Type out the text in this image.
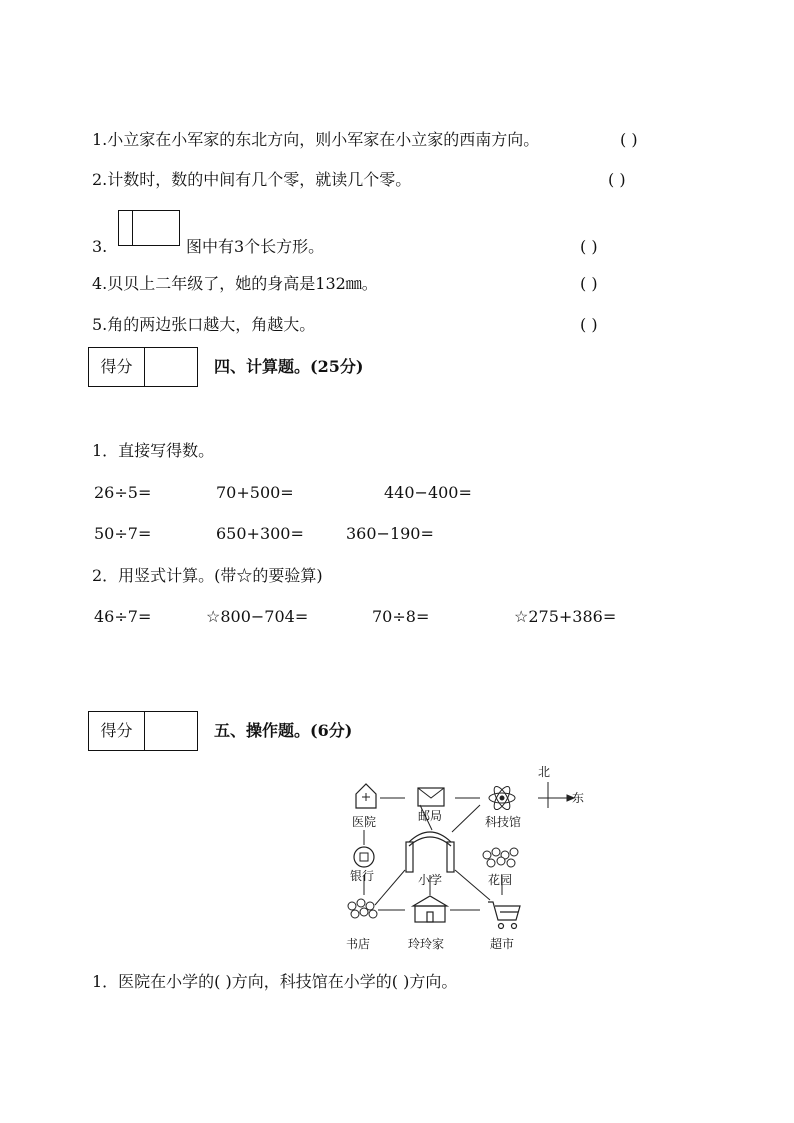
1.小立家在小军家的东北方向，则小军家在小立家的西南方向。	( )
2.计数时，数的中间有几个零，就读几个零。	( )
3.	图中有3个长方形。	( )
4.贝贝上二年级了，她的身高是132㎜。	( )
5.角的两边张口越大，角越大。	( )
得分	四、计算题。(25分)
1．直接写得数。
26÷5=	70+500=	440−400=
50÷7=	650+300=	360−190=
2．用竖式计算。(带☆的要验算)
46÷7=	☆800−704=	70÷8=	☆275+386=
得分	五、操作题。(6分)
医院	邮局	科技馆
北
东
银行	小学	花园
书店	玲玲家	超市
1．医院在小学的( )方向，科技馆在小学的( )方向。
